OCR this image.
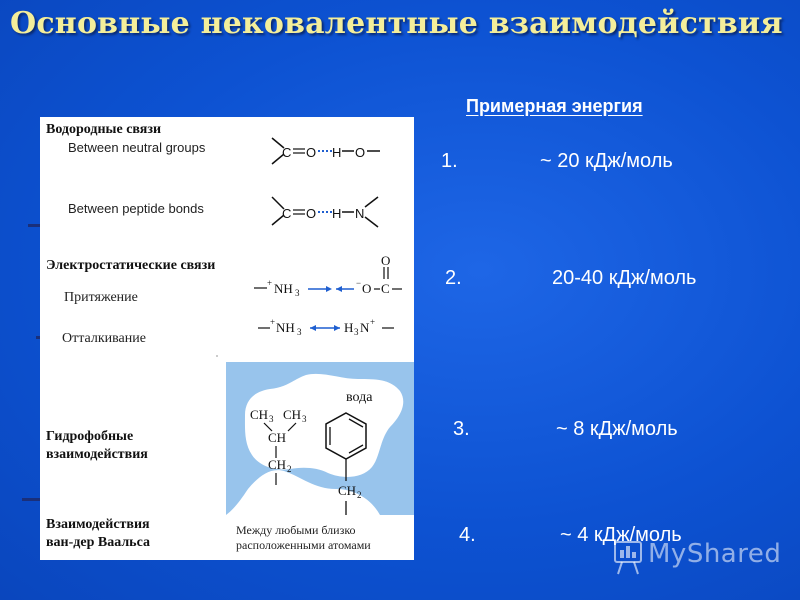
Основные нековалентные взаимодействия
Водородные связи
Between neutral groups
Between peptide bonds
C O H O
C O H N
Электростатические связи
Притяжение
Отталкивание
+ NH 3
− O C
O
+ NH 3	H 3 N +
вода
CH 3 CH 3
CH
CH 2
CH 2
Гидрофобные
взаимодействия
Взаимодействия
ван-дер Ваальса
Между любыми близко
расположенными атомами
Примерная энергия
1.	~ 20 кДж/моль
2.	20-40 кДж/моль
3.	~ 8 кДж/моль
4.	~ 4 кДж/моль
MyShared
